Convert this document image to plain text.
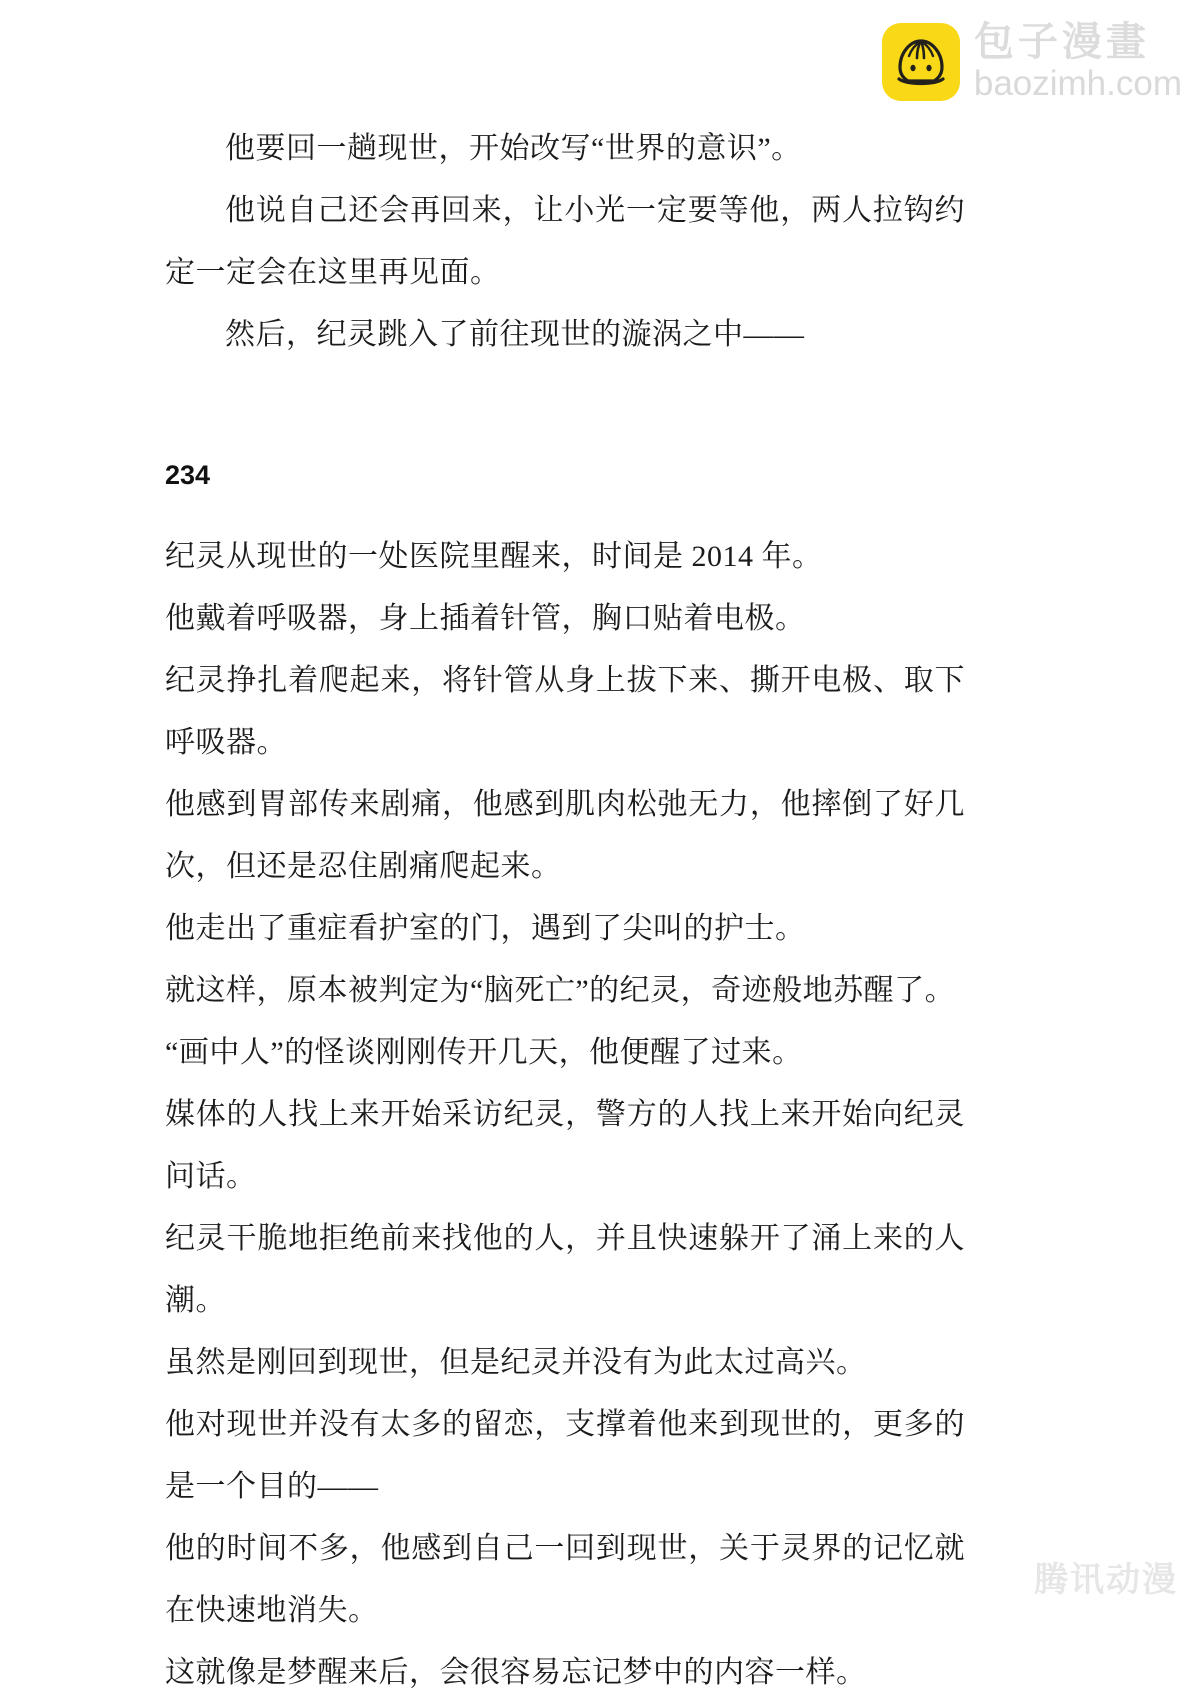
包子漫畫
baozimh.com

他要回一趟现世，开始改写“世界的意识”。

他说自己还会再回来，让小光一定要等他，两人拉钩约定一定会在这里再见面。

然后，纪灵跳入了前往现世的漩涡之中——

234

纪灵从现世的一处医院里醒来，时间是 2014 年。

他戴着呼吸器，身上插着针管，胸口贴着电极。

纪灵挣扎着爬起来，将针管从身上拔下来、撕开电极、取下呼吸器。

他感到胃部传来剧痛，他感到肌肉松弛无力，他摔倒了好几次，但还是忍住剧痛爬起来。

他走出了重症看护室的门，遇到了尖叫的护士。

就这样，原本被判定为“脑死亡”的纪灵，奇迹般地苏醒了。

“画中人”的怪谈刚刚传开几天，他便醒了过来。

媒体的人找上来开始采访纪灵，警方的人找上来开始向纪灵问话。

纪灵干脆地拒绝前来找他的人，并且快速躲开了涌上来的人潮。

虽然是刚回到现世，但是纪灵并没有为此太过高兴。

他对现世并没有太多的留恋，支撑着他来到现世的，更多的是一个目的——

他的时间不多，他感到自己一回到现世，关于灵界的记忆就在快速地消失。

这就像是梦醒来后，会很容易忘记梦中的内容一样。

腾讯动漫
